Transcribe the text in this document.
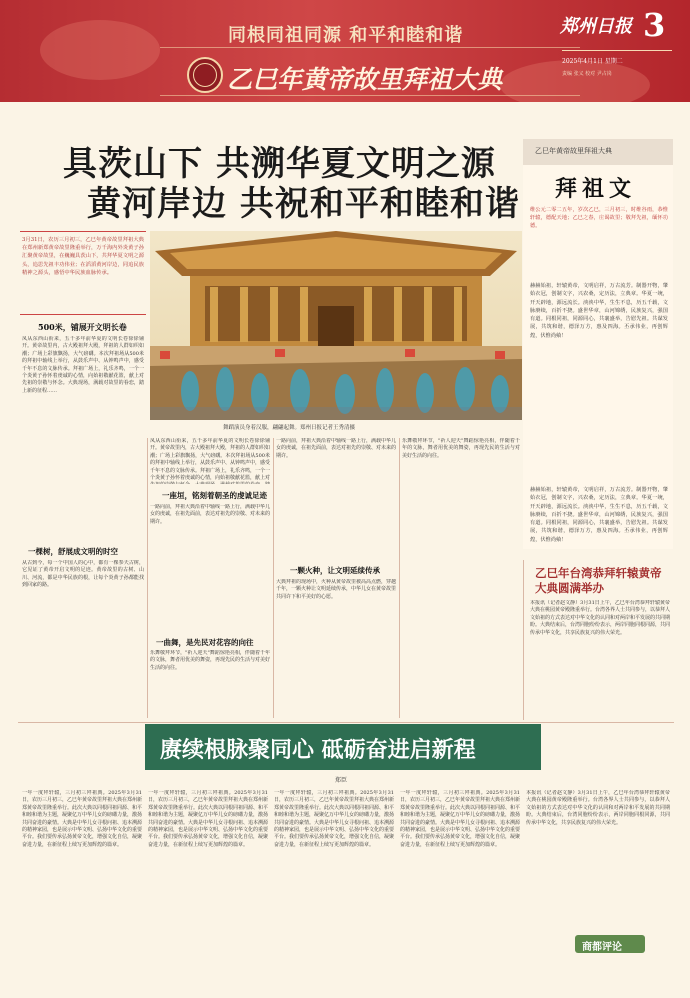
同根同祖同源 和平和睦和谐
乙巳年黄帝故里拜祖大典
郑州日报 3
2025年4月1日 星期二
责编 张义 校对 尹占岗
具茨山下 共溯华夏文明之源
黄河岸边 共祝和平和睦和谐
3月31日，农历三月初三，乙巳年黄帝故里拜祖大典在郑州新郑黄帝故里隆重举行，万千海内外炎黄子孙汇聚黄帝故里，在巍巍具茨山下，共拜华夏文明之源头，追思先祖丰功伟业；在滔滔黄河岸边，同追民族精神之源头，感悟中华民族血脉传承。
舞蹈演员身着汉服，翩翩起舞。郑州日报记者王秀清摄
500米，铺展开文明长卷
凤从东西山衔来，五千多年前华夏的文明长卷徐徐铺开。黄帝故里内，古大殿祖拜大殿，拜祖的人群如织如潮；广场上彩旗飘扬，大气磅礴。本次拜祖场从500米的拜祖中轴线上举行，从鼓乐声中、从钟鸣声中，感受千年不息的文脉传承。拜祖广场上，礼乐齐鸣，一个一个炎黄子孙怀着虔诚的心情，向始祖敬献花篮，献上对先祖的崇敬与怀念。大典现场，满载对故里的眷恋，踏上新的征程……
一棵树，舒展成文明的时空
从古到今，每一个中国人的心中，都有一棵参天古树，它见证了黄帝开启文明的足迹。黄帝故里的古树、山川、河流，都是中华民族的根，让每个炎黄子孙都能找到回家的路。
凤从东西山衔来，五千多年前华夏的文明长卷徐徐铺开。黄帝故里内，古大殿祖拜大殿，拜祖的人群如织如潮；广场上彩旗飘扬，大气磅礴。本次拜祖场从500米的拜祖中轴线上举行，从鼓乐声中、从钟鸣声中，感受千年不息的文脉传承。拜祖广场上，礼乐齐鸣，一个一个炎黄子孙怀着虔诚的心情，向始祖敬献花篮，献上对
一座垣，铭刻着朝圣的虔诚足迹
一路向前，拜祖大典沿着中轴线一路上行，满载中华儿女的虔诚，在祖先面前，表达对祖先的崇敬、对未来的期许。
一曲舞，是先民对花容的向往
乐舞敬拜环节，"祈人迎天"舞蹈惊艳亮相，伴随着千年的文脉，舞者用优美的舞姿，再现先民的生活与对美好生活的向往。
一路向前，拜祖大典沿着中轴线一路上行，满载中华儿女的虔诚，在祖先面前，表达对祖先的崇敬、对未来的期许。
一颗火种，让文明延续传承
大典拜祖的现场中，火种从黄帝故里被高高点燃，穿越千年，一颗火种让文明延续传承，中华儿女在黄帝故里共同许下和平美好的心愿。
乐舞敬拜环节，"祈人迎天"舞蹈惊艳亮相，伴随着千年的文脉，舞者用优美的舞姿，再现先民的生活与对美好生活的向往。
乙巳年黄帝故里拜祖大典
拜祖文
维公元二零二五年，岁次乙巳，三月初三，时维谷雨，恭惟轩辕，德配天地；乙巳之春，庄谒故里；敬拜先祖，缅怀功德。
赫赫始祖，轩辕黄帝，文明启祥，万古流芳。制器开物，肇始衣冠，创制文字，兴农桑，定历法，立典章。华夏一统，开天辟地，源远流长。泱泱中华，生生不息，历五千载，文脉赓续，百折不挠。盛世华章，山河锦绣，民族复兴，强国有道。同根同祖，同源同心，共襄盛举，告慰先祖。共谋发展，共筑和谐，德泽万方，惠及四海。丕承伟业，再创辉煌，伏惟尚飨！
赫赫始祖，轩辕黄帝，文明启祥，万古流芳。制器开物，肇始衣冠，创制文字，兴农桑，定历法，立典章。华夏一统，开天辟地，源远流长。泱泱中华，生生不息，历五千载，文脉赓续，百折不挠。盛世华章，山河锦绣，民族复兴，强国有道。同根同祖，同源同心，共襄盛举，告慰先祖。共谋发展，共筑和谐，德泽万方，惠及四海。丕承伟业，再创辉煌，伏惟尚飨！
乙巳年台湾恭拜轩辕黄帝大典圆满举办
本报讯（记者赵文静）3月31日上午，乙巳年台湾恭拜轩辕黄帝大典在桃园黄帝殿隆重举行。台湾各界人士共同参与，以恭拜人文始祖的方式表达对中华文化的认同和对两岸和平发展的共同期盼。大典结束后，台湾同胞纷纷表示，两岸同胞同根同源，共同传承中华文化，共享民族复兴的伟大荣光。
赓续根脉聚同心 砥砺奋进启新程
郑臣
一年一度拜轩辕，三月初三拜祖典。2025年3月31日，农历三月初三，乙巳年黄帝故里拜祖大典在郑州新郑黄帝故里隆重举行。此次大典以同根同祖同源、和平和睦和谐为主题，凝聚亿万中华儿女的磅礴力量，激扬共同奋进的豪情。大典是中华儿女寻根问祖、追本溯源的精神家园，也是展示中华文明、弘扬中华文化的重要平台。我们要传承弘扬黄帝文化，增强文化自信，凝聚奋进力量，在新征程上续写更加辉煌的篇章。
一年一度拜轩辕，三月初三拜祖典。2025年3月31日，农历三月初三，乙巳年黄帝故里拜祖大典在郑州新郑黄帝故里隆重举行。此次大典以同根同祖同源、和平和睦和谐为主题，凝聚亿万中华儿女的磅礴力量，激扬共同奋进的豪情。大典是中华儿女寻根问祖、追本溯源的精神家园，也是展示中华文明、弘扬中华文化的重要平台。我们要传承弘扬黄帝文化，增强文化自信，凝聚奋进力量，在新征程上续写更加辉煌的篇章。
一年一度拜轩辕，三月初三拜祖典。2025年3月31日，农历三月初三，乙巳年黄帝故里拜祖大典在郑州新郑黄帝故里隆重举行。此次大典以同根同祖同源、和平和睦和谐为主题，凝聚亿万中华儿女的磅礴力量，激扬共同奋进的豪情。大典是中华儿女寻根问祖、追本溯源的精神家园，也是展示中华文明、弘扬中华文化的重要平台。我们要传承弘扬黄帝文化，增强文化自信，凝聚奋进力量，在新征程上续写更加辉煌的篇章。
一年一度拜轩辕，三月初三拜祖典。2025年3月31日，农历三月初三，乙巳年黄帝故里拜祖大典在郑州新郑黄帝故里隆重举行。此次大典以同根同祖同源、和平和睦和谐为主题，凝聚亿万中华儿女的磅礴力量，激扬共同奋进的豪情。大典是中华儿女寻根问祖、追本溯源的精神家园，也是展示中华文明、弘扬中华文化的重要平台。我们要传承弘扬黄帝文化，增强文化自信，凝聚奋进力量，在新征程上续写更加辉煌的篇章。
本报讯（记者赵文静）3月31日上午，乙巳年台湾恭拜轩辕黄帝大典在桃园黄帝殿隆重举行。台湾各界人士共同参与，以恭拜人文始祖的方式表达对中华文化的认同和对两岸和平发展的共同期盼。大典结束后，台湾同胞纷纷表示，两岸同胞同根同源，共同传承中华文化，共享民族复兴的伟大荣光。
商都评论
